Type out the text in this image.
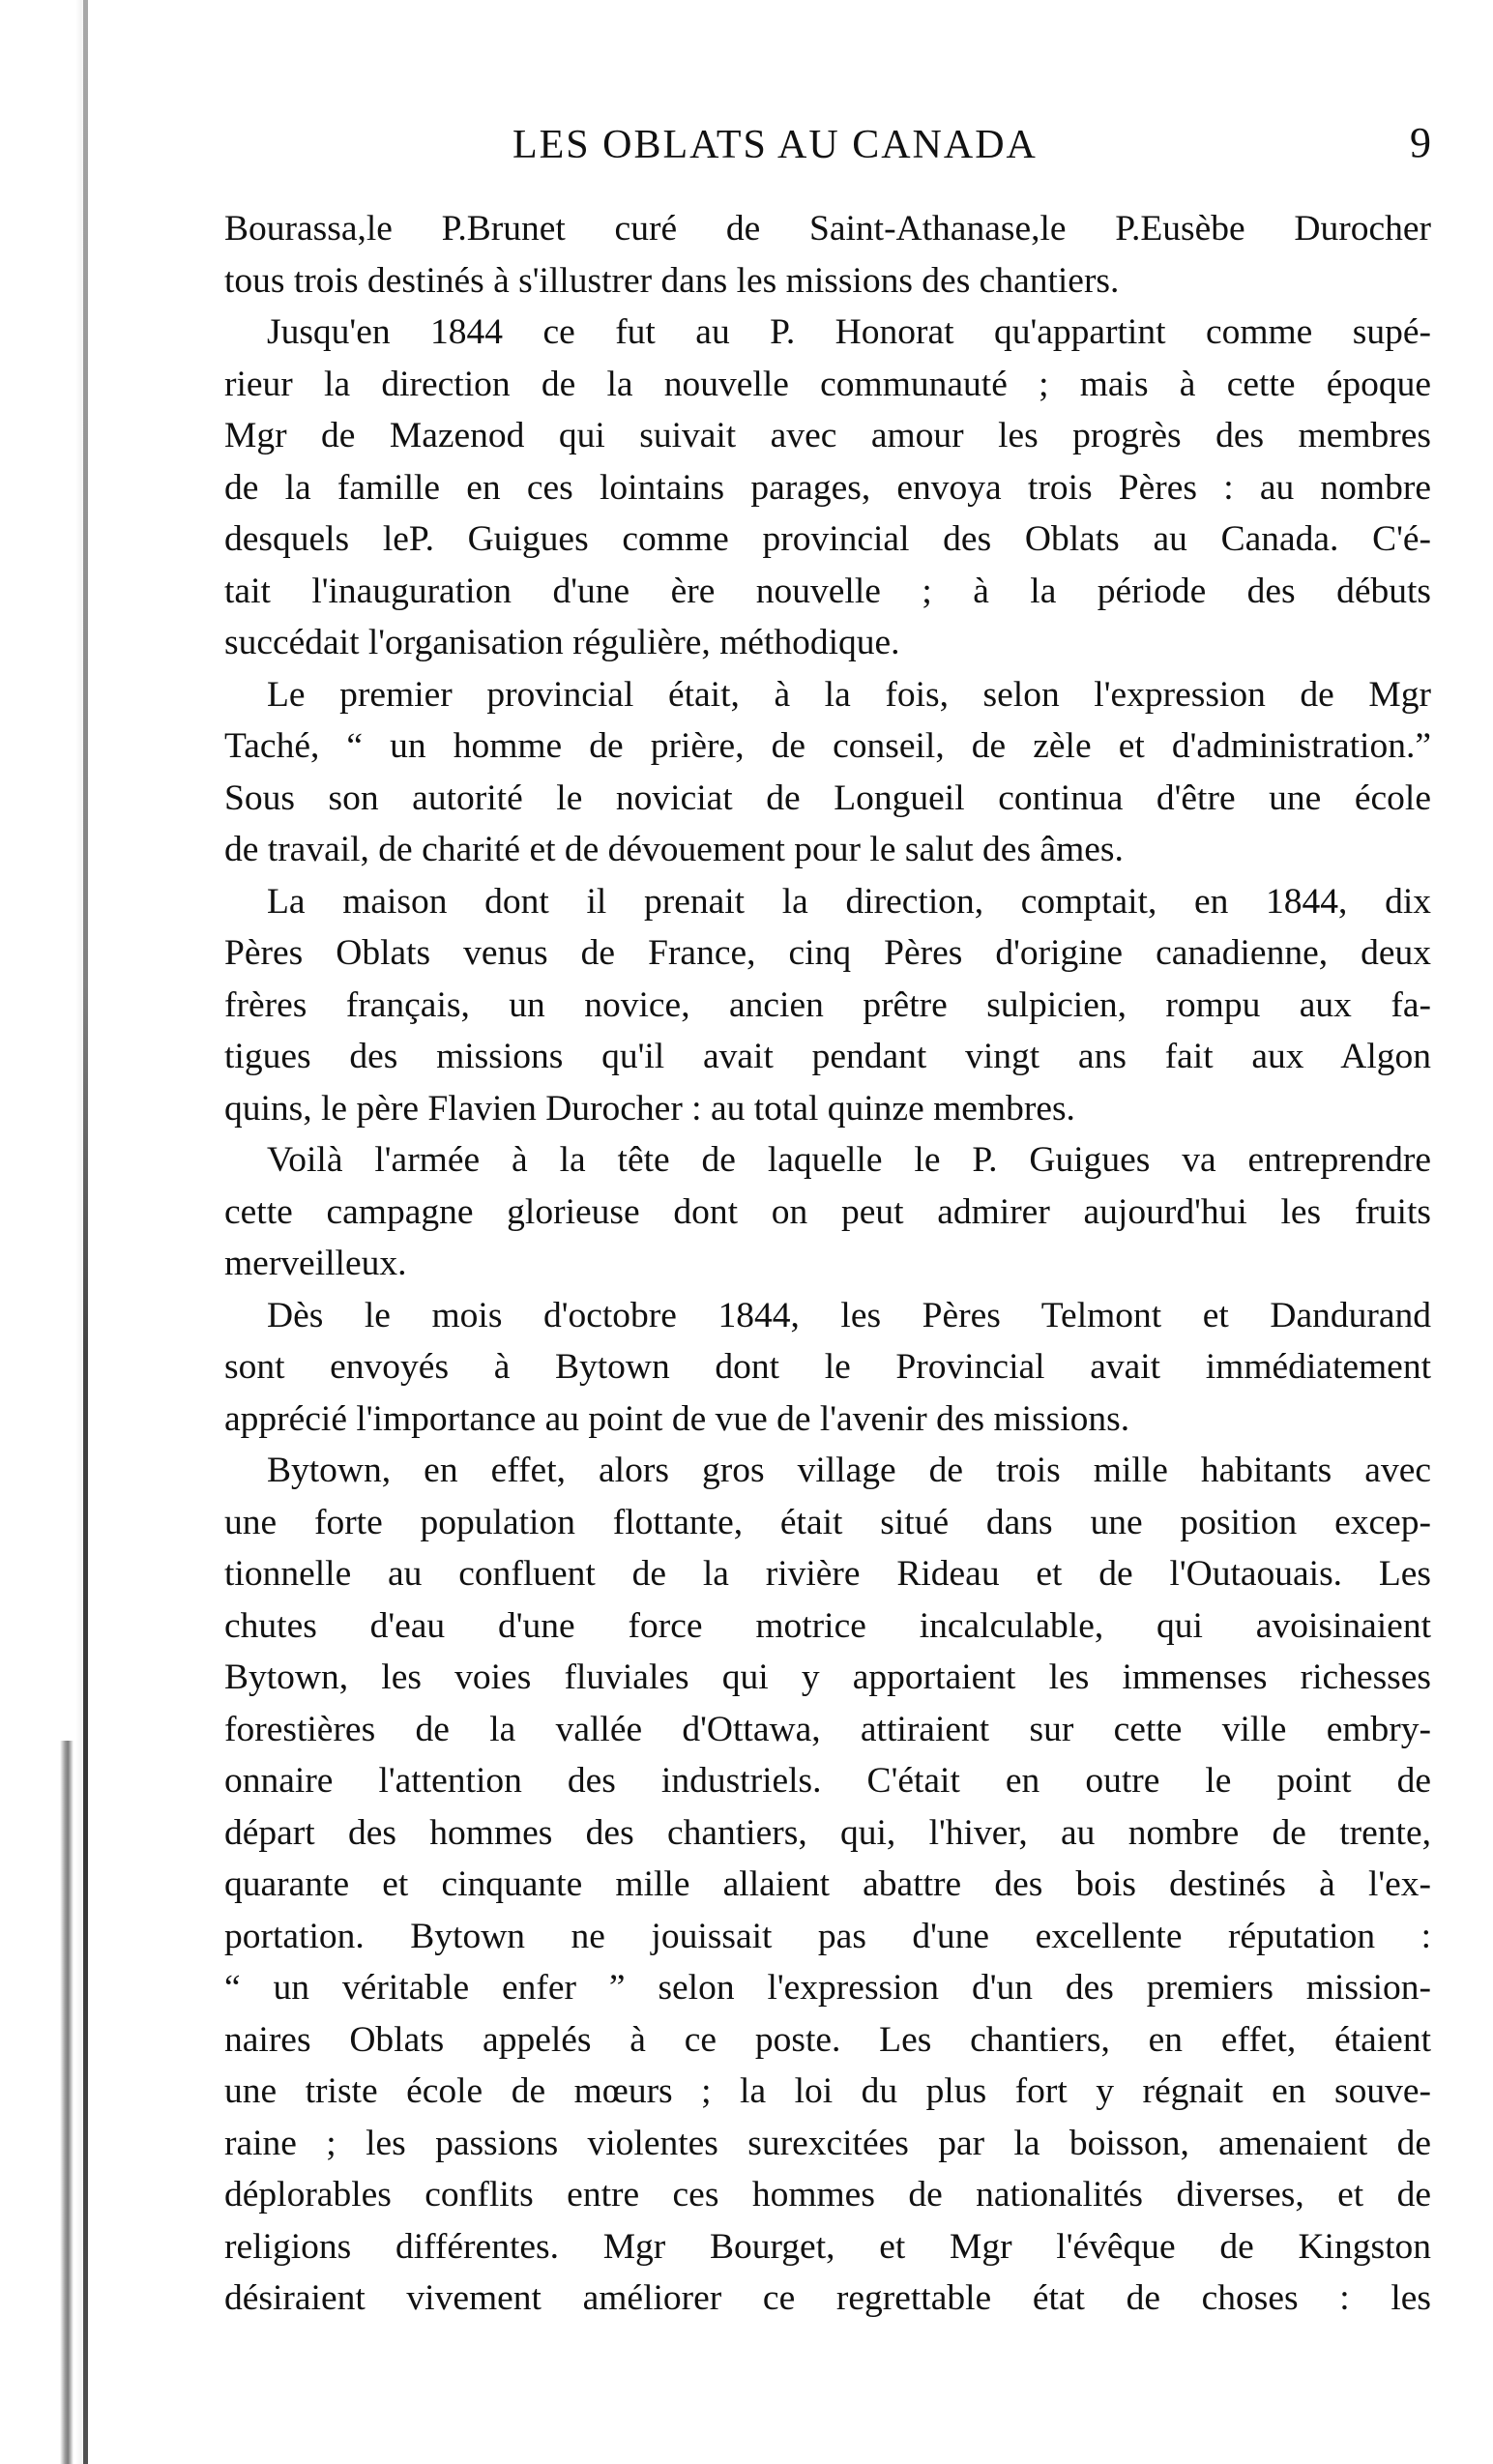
LES OBLATS AU CANADA	9
Bourassa,le P.Brunet curé de Saint-Athanase,le P.Eusèbe Durocher
tous trois destinés à s'illustrer dans les missions des chantiers.
Jusqu'en 1844 ce fut au P. Honorat qu'appartint comme supé-
rieur la direction de la nouvelle communauté ; mais à cette époque
Mgr de Mazenod qui suivait avec amour les progrès des membres
de la famille en ces lointains parages, envoya trois Pères : au nombre
desquels leP. Guigues comme provincial des Oblats au Canada. C'é-
tait l'inauguration d'une ère nouvelle ; à la période des débuts
succédait l'organisation régulière, méthodique.
Le premier provincial était, à la fois, selon l'expression de Mgr
Taché, “ un homme de prière, de conseil, de zèle et d'administration.”
Sous son autorité le noviciat de Longueil continua d'être une école
de travail, de charité et de dévouement pour le salut des âmes.
La maison dont il prenait la direction, comptait, en 1844, dix
Pères Oblats venus de France, cinq Pères d'origine canadienne, deux
frères français, un novice, ancien prêtre sulpicien, rompu aux fa-
tigues des missions qu'il avait pendant vingt ans fait aux Algon
quins, le père Flavien Durocher : au total quinze membres.
Voilà l'armée à la tête de laquelle le P. Guigues va entreprendre
cette campagne glorieuse dont on peut admirer aujourd'hui les fruits
merveilleux.
Dès le mois d'octobre 1844, les Pères Telmont et Dandurand
sont envoyés à Bytown dont le Provincial avait immédiatement
apprécié l'importance au point de vue de l'avenir des missions.
Bytown, en effet, alors gros village de trois mille habitants avec
une forte population flottante, était situé dans une position excep-
tionnelle au confluent de la rivière Rideau et de l'Outaouais. Les
chutes d'eau d'une force motrice incalculable, qui avoisinaient
Bytown, les voies fluviales qui y apportaient les immenses richesses
forestières de la vallée d'Ottawa, attiraient sur cette ville embry-
onnaire l'attention des industriels. C'était en outre le point de
départ des hommes des chantiers, qui, l'hiver, au nombre de trente,
quarante et cinquante mille allaient abattre des bois destinés à l'ex-
portation. Bytown ne jouissait pas d'une excellente réputation :
“ un véritable enfer ” selon l'expression d'un des premiers mission-
naires Oblats appelés à ce poste. Les chantiers, en effet, étaient
une triste école de mœurs ; la loi du plus fort y régnait en souve-
raine ; les passions violentes surexcitées par la boisson, amenaient de
déplorables conflits entre ces hommes de nationalités diverses, et de
religions différentes. Mgr Bourget, et Mgr l'évêque de Kingston
désiraient vivement améliorer ce regrettable état de choses : les
